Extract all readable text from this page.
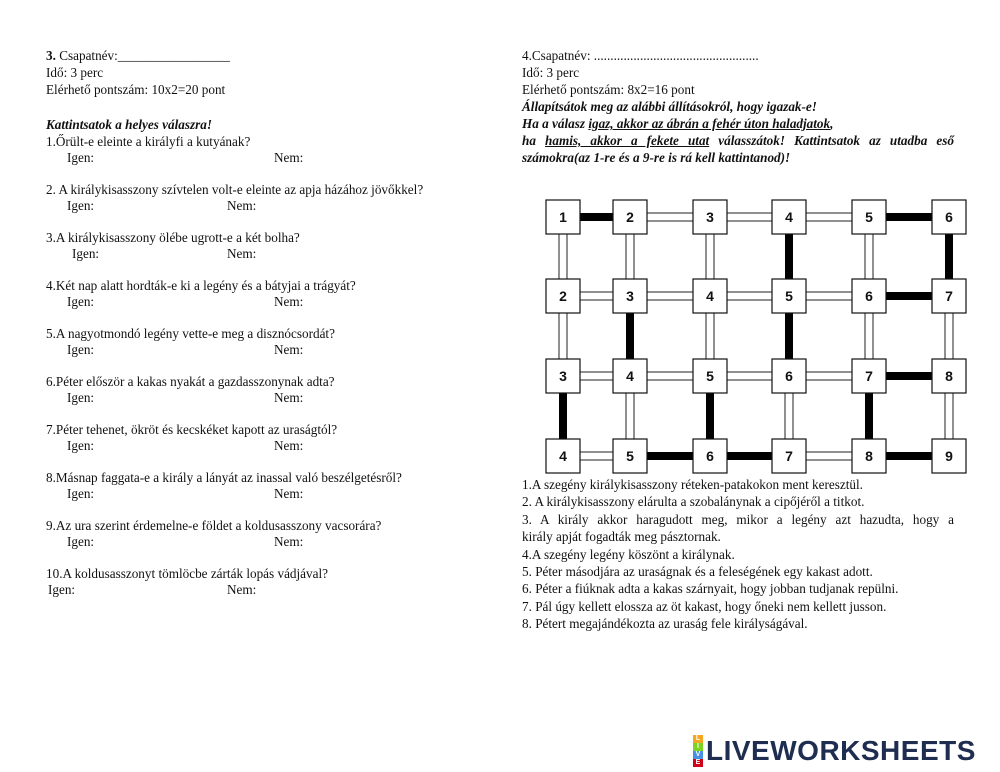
3. Csapatnév:_________________
Idő: 3 perc
Elérhető pontszám: 10x2=20 pont
Kattintsatok a helyes válaszra!
1.Őrült-e eleinte a királyfi a kutyának?
Igen:	Nem:
2. A királykisasszony szívtelen volt-e eleinte az apja házához jövőkkel?
Igen:	Nem:
3.A királykisasszony ölébe ugrott-e a két bolha?
Igen:	Nem:
4.Két nap alatt hordták-e ki a legény és a bátyjai a trágyát?
Igen:	Nem:
5.A nagyotmondó legény vette-e meg a disznócsordát?
Igen:	Nem:
6.Péter először a kakas nyakát a gazdasszonynak adta?
Igen:	Nem:
7.Péter tehenet, ökröt és kecskéket kapott az uraságtól?
Igen:	Nem:
8.Másnap faggata-e a király a lányát az inassal való beszélgetésről?
Igen:	Nem:
9.Az ura szerint érdemelne-e földet a koldusasszony vacsorára?
Igen:	Nem:
10.A koldusasszonyt tömlöcbe zárták lopás vádjával?
Igen:	Nem:
4.Csapatnév: ..................................................
Idő: 3 perc
Elérhető pontszám: 8x2=16 pont
Állapítsátok meg az alábbi állításokról, hogy igazak-e!
Ha a válasz igaz, akkor az ábrán a fehér úton haladjatok,
ha hamis, akkor a fekete utat válasszátok! Kattintsatok az utadba eső
számokra(az 1-re és a 9-re is rá kell kattintanod)!
1	2	3	4	5	6
2	3	4	5	6	7
3	4	5	6	7	8
4	5	6	7	8	9
1.A szegény királykisasszony réteken-patakokon ment keresztül.
2. A királykisasszony elárulta a szobalánynak a cipőjéről a titkot.
3. A király akkor haragudott meg, mikor a legény azt hazudta, hogy a
király apját fogadták meg pásztornak.
4.A szegény legény köszönt a királynak.
5. Péter másodjára az uraságnak és a feleségének egy kakast adott.
6. Péter a fiúknak adta a kakas szárnyait, hogy jobban tudjanak repülni.
7. Pál úgy kellett elossza az öt kakast, hogy őneki nem kellett jusson.
8. Pétert megajándékozta az uraság fele királyságával.
L
I
V
E LIVEWORKSHEETS
